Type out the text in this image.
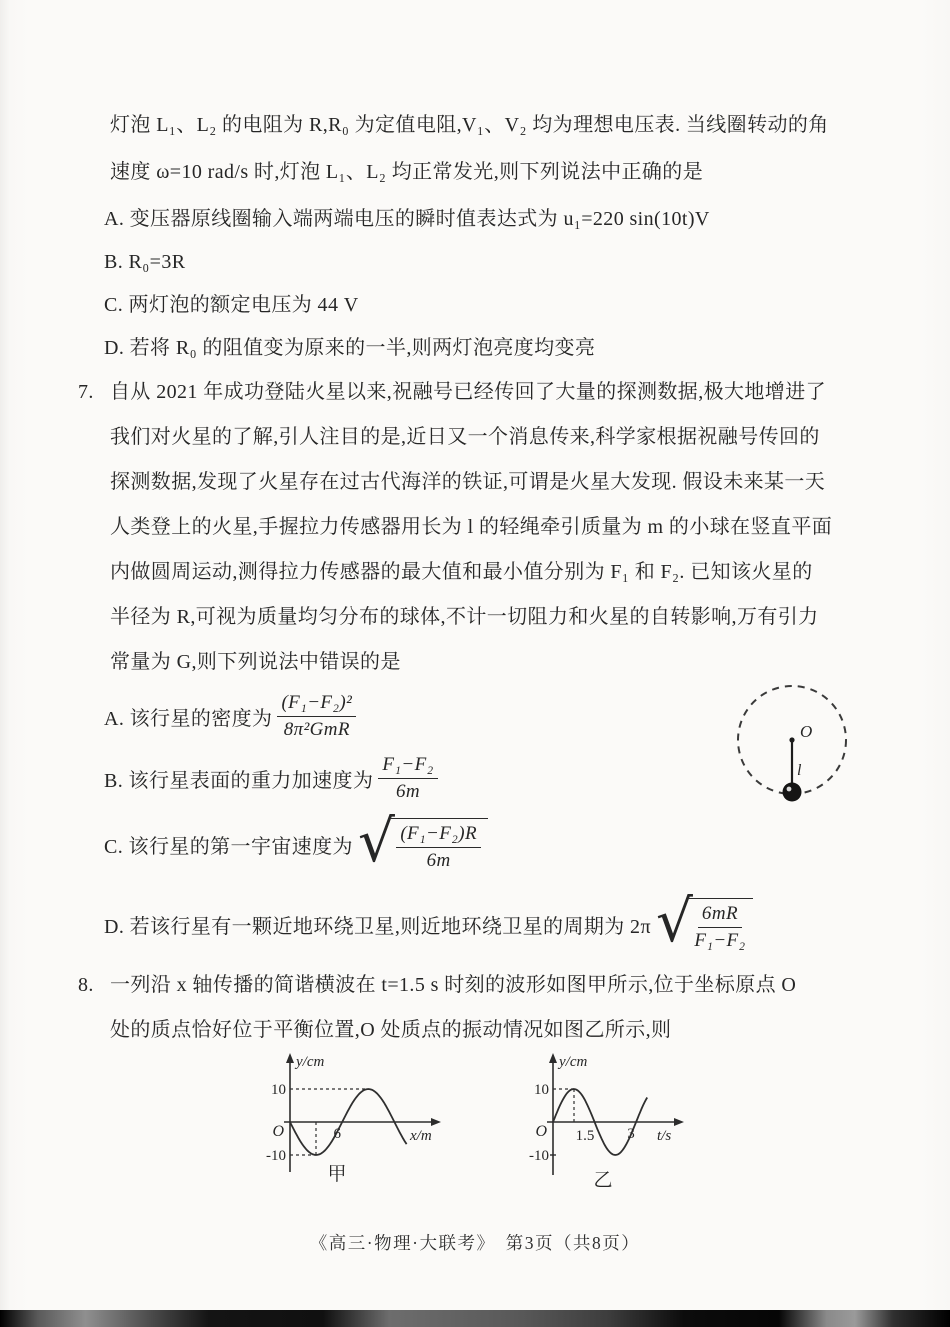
灯泡 L₁、L₂ 的电阻为 R,R₀ 为定值电阻,V₁、V₂ 均为理想电压表. 当线圈转动的角
速度 ω=10 rad/s 时,灯泡 L₁、L₂ 均正常发光,则下列说法中正确的是
A. 变压器原线圈输入端两端电压的瞬时值表达式为 u₁=220 sin(10t)V
B. R₀=3R
C. 两灯泡的额定电压为 44 V
D. 若将 R₀ 的阻值变为原来的一半,则两灯泡亮度均变亮
7. 自从 2021 年成功登陆火星以来,祝融号已经传回了大量的探测数据,极大地增进了
我们对火星的了解,引人注目的是,近日又一个消息传来,科学家根据祝融号传回的
探测数据,发现了火星存在过古代海洋的铁证,可谓是火星大发现. 假设未来某一天
人类登上的火星,手握拉力传感器用长为 l 的轻绳牵引质量为 m 的小球在竖直平面
内做圆周运动,测得拉力传感器的最大值和最小值分别为 F₁ 和 F₂. 已知该火星的
半径为 R,可视为质量均匀分布的球体,不计一切阻力和火星的自转影响,万有引力
常量为 G,则下列说法中错误的是
A. 该行星的密度为 $\frac{\text{(F₁−F₂)²}}{\text{8π²GmR}}$
B. 该行星表面的重力加速度为 $\frac{\text{F₁−F₂}}{6m}$
C. 该行星的第一宇宙速度为 √ $\frac{\text{(F₁−F₂)R}}{6m}$
D. 若该行星有一颗近地环绕卫星,则近地环绕卫星的周期为 2π √ $\frac{6mR}{\text{F₁−F₂}}$
O
l
8. 一列沿 x 轴传播的简谐横波在 t=1.5 s 时刻的波形如图甲所示,位于坐标原点 O
处的质点恰好位于平衡位置,O 处质点的振动情况如图乙所示,则
y/cm
10
-10
O	6	x/m
甲
y/cm
10
-10
O 1.5 3 t/s
乙
《高三·物理·大联考》　第3页（共8页）
